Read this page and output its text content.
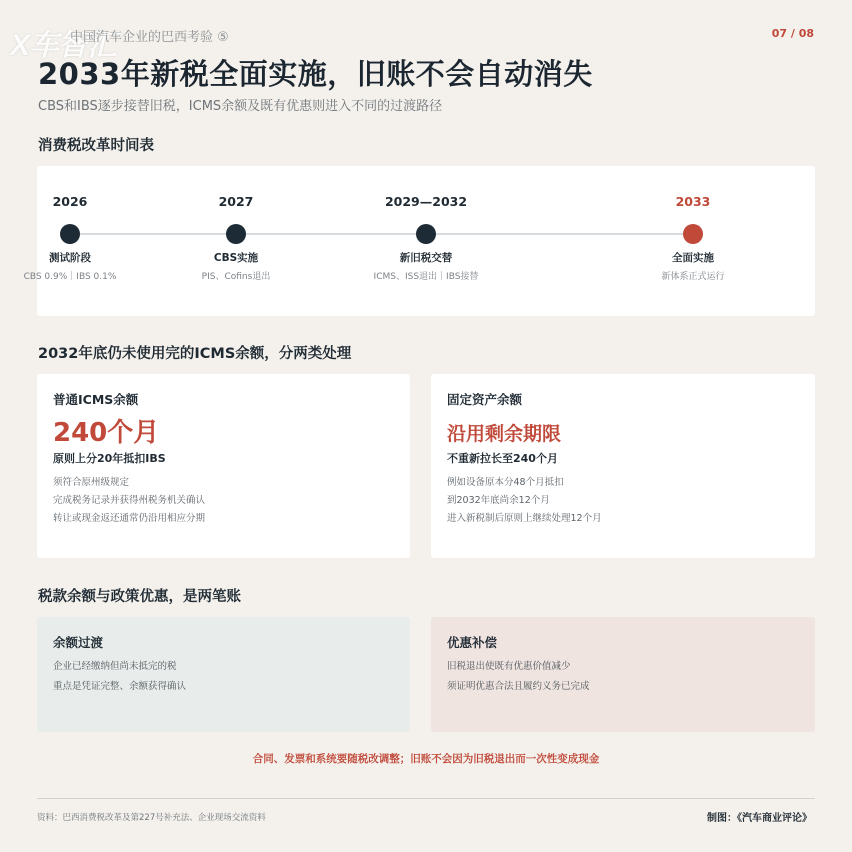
X车智汇
中国汽车企业的巴西考验 ⑤	07 / 08
2033年新税全面实施，旧账不会自动消失
CBS和IBS逐步接替旧税，ICMS余额及既有优惠则进入不同的过渡路径
消费税改革时间表
2026
测试阶段
CBS 0.9%｜IBS 0.1%
2027
CBS实施
PIS、Cofins退出
2029—2032
新旧税交替
ICMS、ISS退出｜IBS接替
2033
全面实施
新体系正式运行
2032年底仍未使用完的ICMS余额，分两类处理
普通ICMS余额
240个月
原则上分20年抵扣IBS
须符合原州级规定
完成税务记录并获得州税务机关确认
转让或现金返还通常仍沿用相应分期
固定资产余额
沿用剩余期限
不重新拉长至240个月
例如设备原本分48个月抵扣
到2032年底尚余12个月
进入新税制后原则上继续处理12个月
税款余额与政策优惠，是两笔账
余额过渡
企业已经缴纳但尚未抵完的税
重点是凭证完整、余额获得确认
优惠补偿
旧税退出使既有优惠价值减少
须证明优惠合法且履约义务已完成
合同、发票和系统要随税改调整；旧账不会因为旧税退出而一次性变成现金
资料：巴西消费税改革及第227号补充法、企业现场交流资料	制图：《汽车商业评论》
